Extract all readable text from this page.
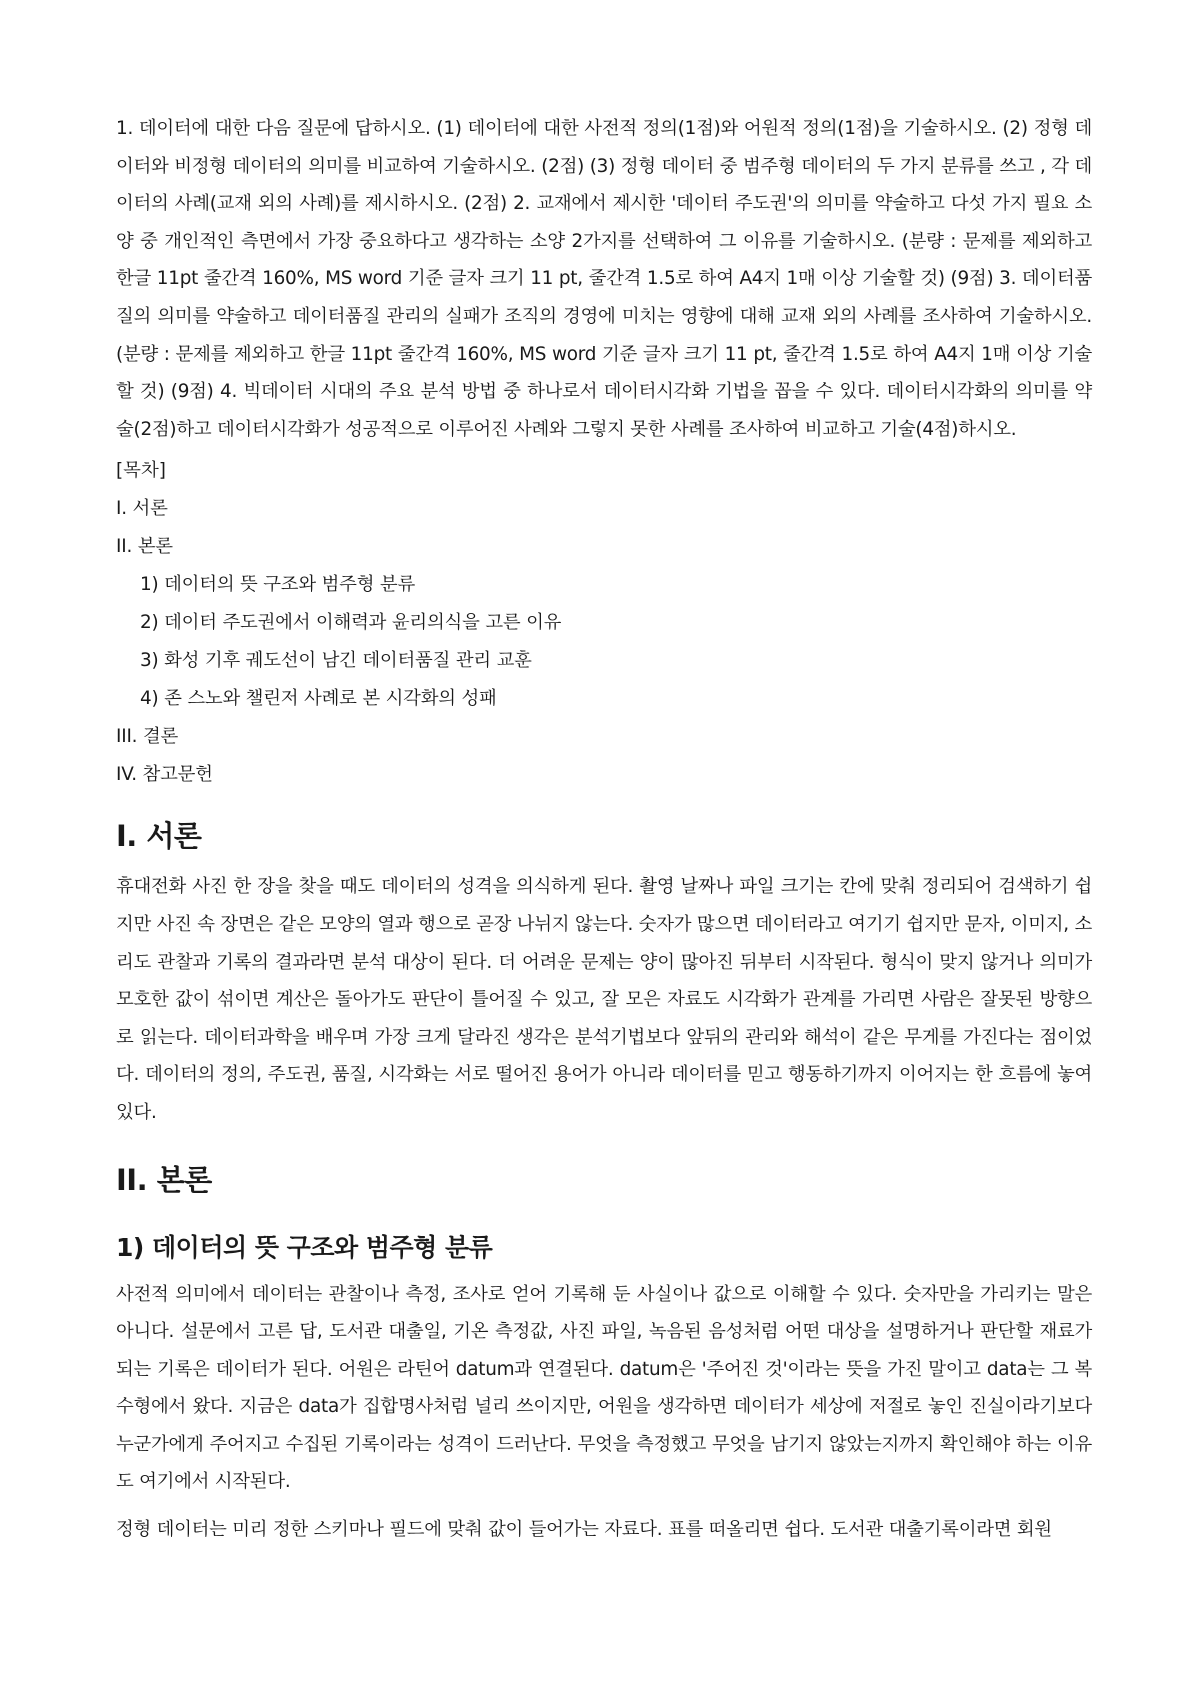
1. 데이터에 대한 다음 질문에 답하시오. (1) 데이터에 대한 사전적 정의(1점)와 어원적 정의(1점)을 기술하시오. (2) 정형 데이터와 비정형 데이터의 의미를 비교하여 기술하시오. (2점) (3) 정형 데이터 중 범주형 데이터의 두 가지 분류를 쓰고 , 각 데이터의 사례(교재 외의 사례)를 제시하시오. (2점) 2. 교재에서 제시한 '데이터 주도권'의 의미를 약술하고 다섯 가지 필요 소양 중 개인적인 측면에서 가장 중요하다고 생각하는 소양 2가지를 선택하여 그 이유를 기술하시오. (분량 : 문제를 제외하고 한글 11pt 줄간격 160%, MS word 기준 글자 크기 11 pt, 줄간격 1.5로 하여 A4지 1매 이상 기술할 것) (9점) 3. 데이터품질의 의미를 약술하고 데이터품질 관리의 실패가 조직의 경영에 미치는 영향에 대해 교재 외의 사례를 조사하여 기술하시오. (분량 : 문제를 제외하고 한글 11pt 줄간격 160%, MS word 기준 글자 크기 11 pt, 줄간격 1.5로 하여 A4지 1매 이상 기술할 것) (9점) 4. 빅데이터 시대의 주요 분석 방법 중 하나로서 데이터시각화 기법을 꼽을 수 있다. 데이터시각화의 의미를 약술(2점)하고 데이터시각화가 성공적으로 이루어진 사례와 그렇지 못한 사례를 조사하여 비교하고 기술(4점)하시오.

[목차]
I. 서론
II. 본론
1) 데이터의 뜻 구조와 범주형 분류
2) 데이터 주도권에서 이해력과 윤리의식을 고른 이유
3) 화성 기후 궤도선이 남긴 데이터품질 관리 교훈
4) 존 스노와 챌린저 사례로 본 시각화의 성패
III. 결론
IV. 참고문헌
I. 서론

휴대전화 사진 한 장을 찾을 때도 데이터의 성격을 의식하게 된다. 촬영 날짜나 파일 크기는 칸에 맞춰 정리되어 검색하기 쉽지만 사진 속 장면은 같은 모양의 열과 행으로 곧장 나뉘지 않는다. 숫자가 많으면 데이터라고 여기기 쉽지만 문자, 이미지, 소리도 관찰과 기록의 결과라면 분석 대상이 된다. 더 어려운 문제는 양이 많아진 뒤부터 시작된다. 형식이 맞지 않거나 의미가 모호한 값이 섞이면 계산은 돌아가도 판단이 틀어질 수 있고, 잘 모은 자료도 시각화가 관계를 가리면 사람은 잘못된 방향으로 읽는다. 데이터과학을 배우며 가장 크게 달라진 생각은 분석기법보다 앞뒤의 관리와 해석이 같은 무게를 가진다는 점이었다. 데이터의 정의, 주도권, 품질, 시각화는 서로 떨어진 용어가 아니라 데이터를 믿고 행동하기까지 이어지는 한 흐름에 놓여 있다.

II. 본론
1) 데이터의 뜻 구조와 범주형 분류

사전적 의미에서 데이터는 관찰이나 측정, 조사로 얻어 기록해 둔 사실이나 값으로 이해할 수 있다. 숫자만을 가리키는 말은 아니다. 설문에서 고른 답, 도서관 대출일, 기온 측정값, 사진 파일, 녹음된 음성처럼 어떤 대상을 설명하거나 판단할 재료가 되는 기록은 데이터가 된다. 어원은 라틴어 datum과 연결된다. datum은 '주어진 것'이라는 뜻을 가진 말이고 data는 그 복수형에서 왔다. 지금은 data가 집합명사처럼 널리 쓰이지만, 어원을 생각하면 데이터가 세상에 저절로 놓인 진실이라기보다 누군가에게 주어지고 수집된 기록이라는 성격이 드러난다. 무엇을 측정했고 무엇을 남기지 않았는지까지 확인해야 하는 이유도 여기에서 시작된다.

정형 데이터는 미리 정한 스키마나 필드에 맞춰 값이 들어가는 자료다. 표를 떠올리면 쉽다. 도서관 대출기록이라면 회원
